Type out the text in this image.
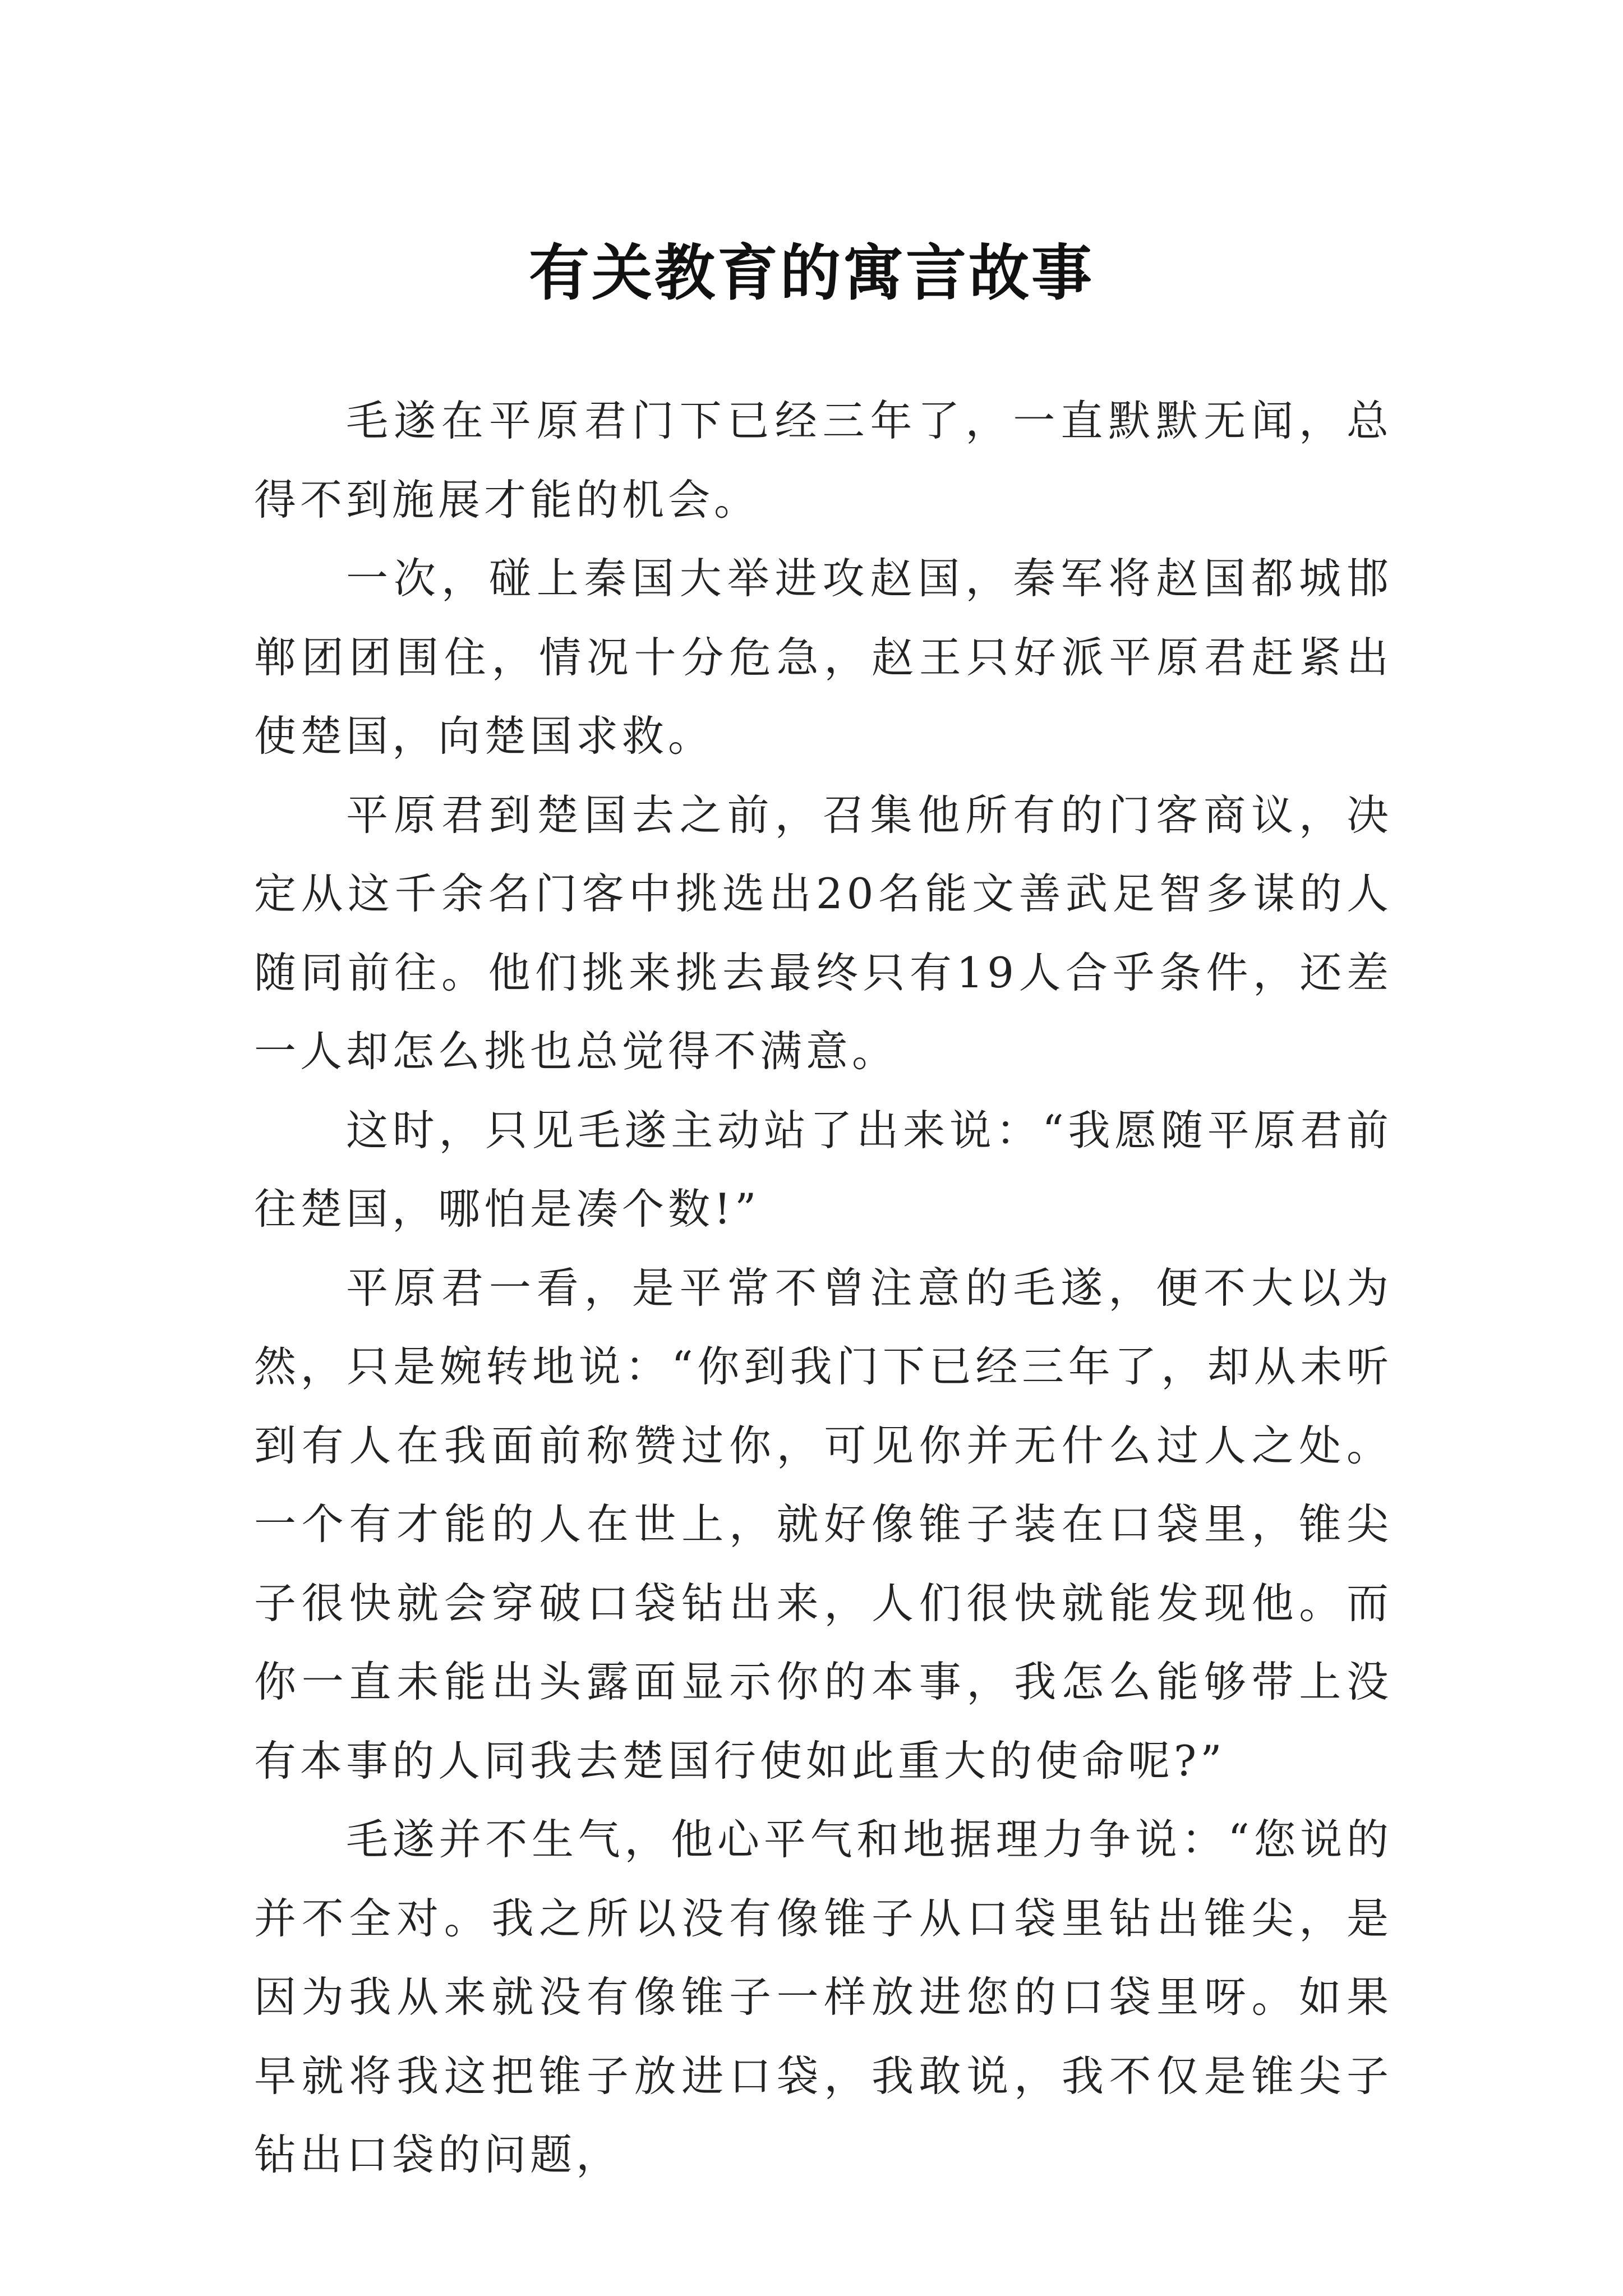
有关教育的寓言故事

毛遂在平原君门下已经三年了，一直默默无闻，总得不到施展才能的机会。

一次，碰上秦国大举进攻赵国，秦军将赵国都城邯郸团团围住，情况十分危急，赵王只好派平原君赶紧出使楚国，向楚国求救。

平原君到楚国去之前，召集他所有的门客商议，决定从这千余名门客中挑选出20名能文善武足智多谋的人随同前往。他们挑来挑去最终只有19人合乎条件，还差一人却怎么挑也总觉得不满意。

这时，只见毛遂主动站了出来说：“我愿随平原君前往楚国，哪怕是凑个数!”

平原君一看，是平常不曾注意的毛遂，便不大以为然，只是婉转地说：“你到我门下已经三年了，却从未听到有人在我面前称赞过你，可见你并无什么过人之处。一个有才能的人在世上，就好像锥子装在口袋里，锥尖子很快就会穿破口袋钻出来，人们很快就能发现他。而你一直未能出头露面显示你的本事，我怎么能够带上没有本事的人同我去楚国行使如此重大的使命呢?”

毛遂并不生气，他心平气和地据理力争说：“您说的并不全对。我之所以没有像锥子从口袋里钻出锥尖，是因为我从来就没有像锥子一样放进您的口袋里呀。如果早就将我这把锥子放进口袋，我敢说，我不仅是锥尖子钻出口袋的问题，
